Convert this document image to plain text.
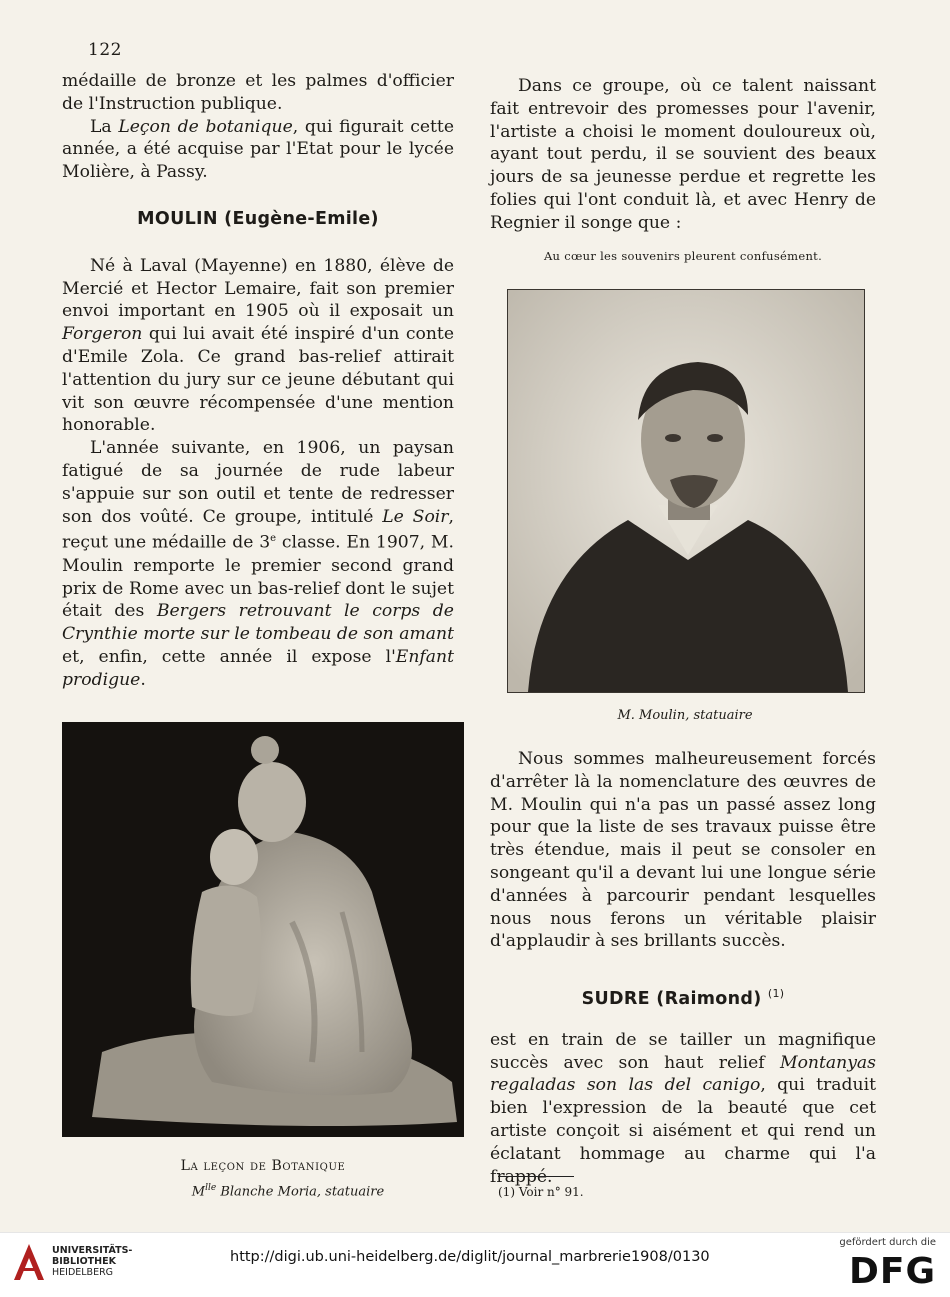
122

médaille de bronze et les palmes d'officier de l'Instruction publique.

La Leçon de botanique, qui figurait cette année, a été acquise par l'Etat pour le lycée Molière, à Passy.

MOULIN (Eugène-Emile)

Né à Laval (Mayenne) en 1880, élève de Mercié et Hector Lemaire, fait son premier envoi important en 1905 où il exposait un Forgeron qui lui avait été inspiré d'un conte d'Emile Zola. Ce grand bas-relief attirait l'attention du jury sur ce jeune débutant qui vit son œuvre récompensée d'une mention honorable.

L'année suivante, en 1906, un paysan fatigué de sa journée de rude labeur s'appuie sur son outil et tente de redresser son dos voûté. Ce groupe, intitulé Le Soir, reçut une médaille de 3e classe. En 1907, M. Moulin remporte le premier second grand prix de Rome avec un bas-relief dont le sujet était des Bergers retrouvant le corps de Crynthie morte sur le tombeau de son amant et, enfin, cette année il expose l'Enfant prodigue.

La leçon de Botanique
$M^{lle}$ Blanche Moria, statuaire

Dans ce groupe, où ce talent naissant fait entrevoir des promesses pour l'avenir, l'artiste a choisi le moment douloureux où, ayant tout perdu, il se souvient des beaux jours de sa jeunesse perdue et regrette les folies qui l'ont conduit là, et avec Henry de Regnier il songe que :

Au cœur les souvenirs pleurent confusément.
M. Moulin, statuaire

Nous sommes malheureusement forcés d'arrêter là la nomenclature des œuvres de M. Moulin qui n'a pas un passé assez long pour que la liste de ses travaux puisse être très étendue, mais il peut se consoler en songeant qu'il a devant lui une longue série d'années à parcourir pendant lesquelles nous nous ferons un véritable plaisir d'applaudir à ses brillants succès.

SUDRE (Raimond) $^{(1)}$

est en train de se tailler un magnifique succès avec son haut relief Montanyas regaladas son las del canigo, qui traduit bien l'expression de la beauté que cet artiste conçoit si aisément et qui rend un éclatant hommage au charme qui l'a frappé.

(1) Voir n° 91.
UNIVERSITÄTS-
BIBLIOTHEK
HEIDELBERG
http://digi.ub.uni-heidelberg.de/diglit/journal_marbrerie1908/0130
gefördert durch die
DFG
